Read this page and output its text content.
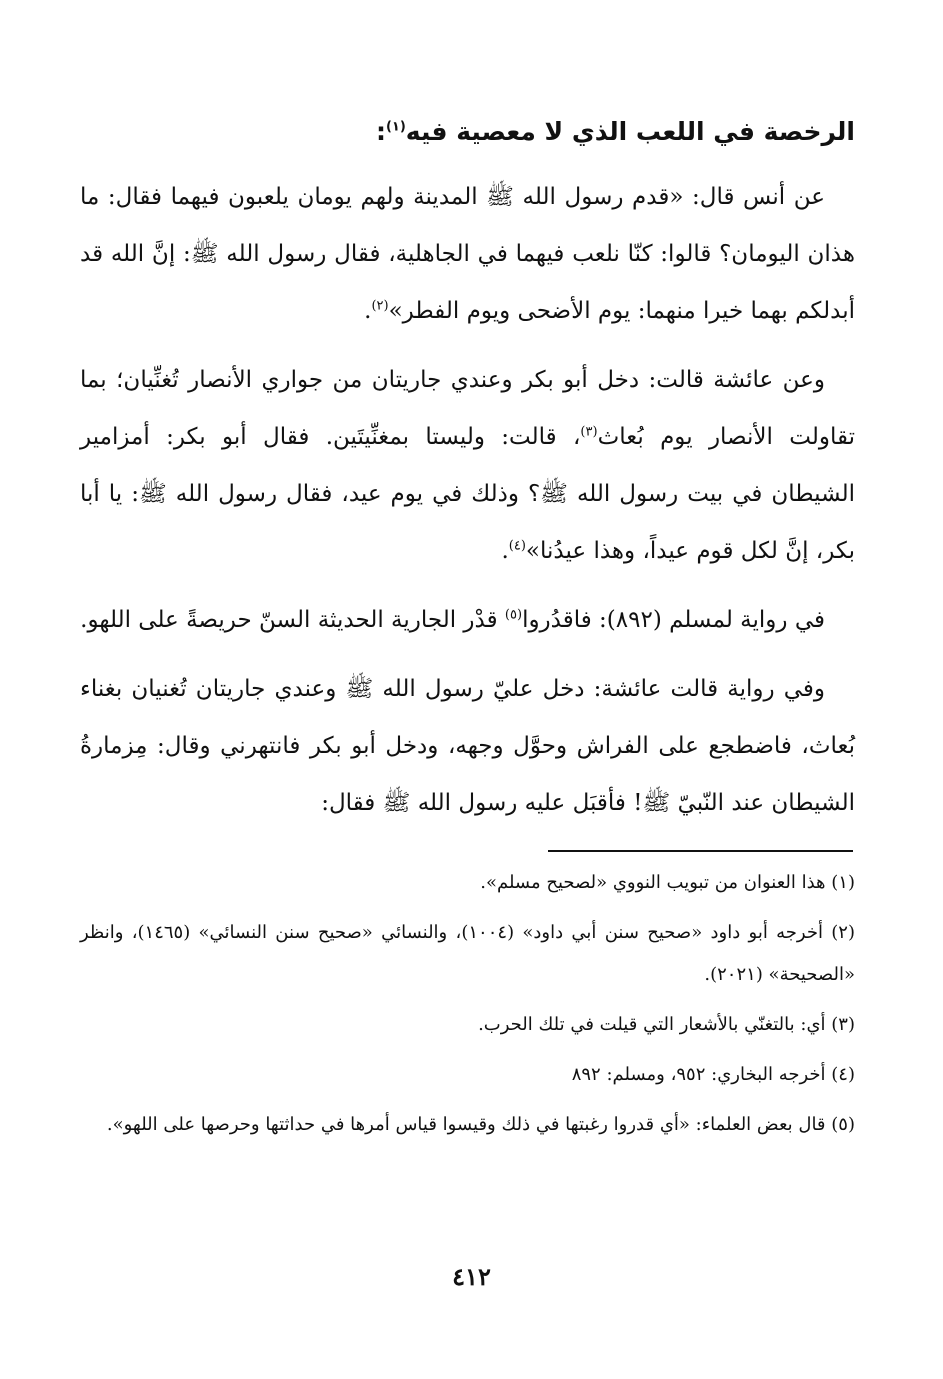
الرخصة في اللعب الذي لا معصية فيه$^{(١)}$:

عن أنس قال: «قدم رسول الله ﷺ المدينة ولهم يومان يلعبون فيهما فقال: ما هذان اليومان؟ قالوا: كنّا نلعب فيهما في الجاهلية، فقال رسول الله ﷺ: إنَّ الله قد أبدلكم بهما خيرا منهما: يوم الأضحى ويوم الفطر»$^{(٢)}$.

وعن عائشة قالت: دخل أبو بكر وعندي جاريتان من جواري الأنصار تُغنِّيان؛ بما تقاولت الأنصار يوم بُعاث$^{(٣)}$، قالت: وليستا بمغنِّيتَين. فقال أبو بكر: أمزامير الشيطان في بيت رسول الله ﷺ؟ وذلك في يوم عيد، فقال رسول الله ﷺ: يا أبا بكر، إنَّ لكل قوم عيداً، وهذا عيدُنا»$^{(٤)}$.

في رواية لمسلم (٨٩٢): فاقدُروا$^{(٥)}$ قدْر الجارية الحديثة السنّ حريصةً على اللهو.

وفي رواية قالت عائشة: دخل عليّ رسول الله ﷺ وعندي جاريتان تُغنيان بغناء بُعاث، فاضطجع على الفراش وحوَّل وجهه، ودخل أبو بكر فانتهرني وقال: مِزمارةُ الشيطان عند النّبيّ ﷺ! فأقبَل عليه رسول الله ﷺ فقال:

(١) هذا العنوان من تبويب النووي «لصحيح مسلم».

(٢) أخرجه أبو داود «صحيح سنن أبي داود» (١٠٠٤)، والنسائي «صحيح سنن النسائي» (١٤٦٥)، وانظر «الصحيحة» (٢٠٢١).

(٣) أي: بالتغنّي بالأشعار التي قيلت في تلك الحرب.

(٤) أخرجه البخاري: ٩٥٢، ومسلم: ٨٩٢

(٥) قال بعض العلماء: «أي قدروا رغبتها في ذلك وقيسوا قياس أمرها في حداثتها وحرصها على اللهو».

٤١٢
